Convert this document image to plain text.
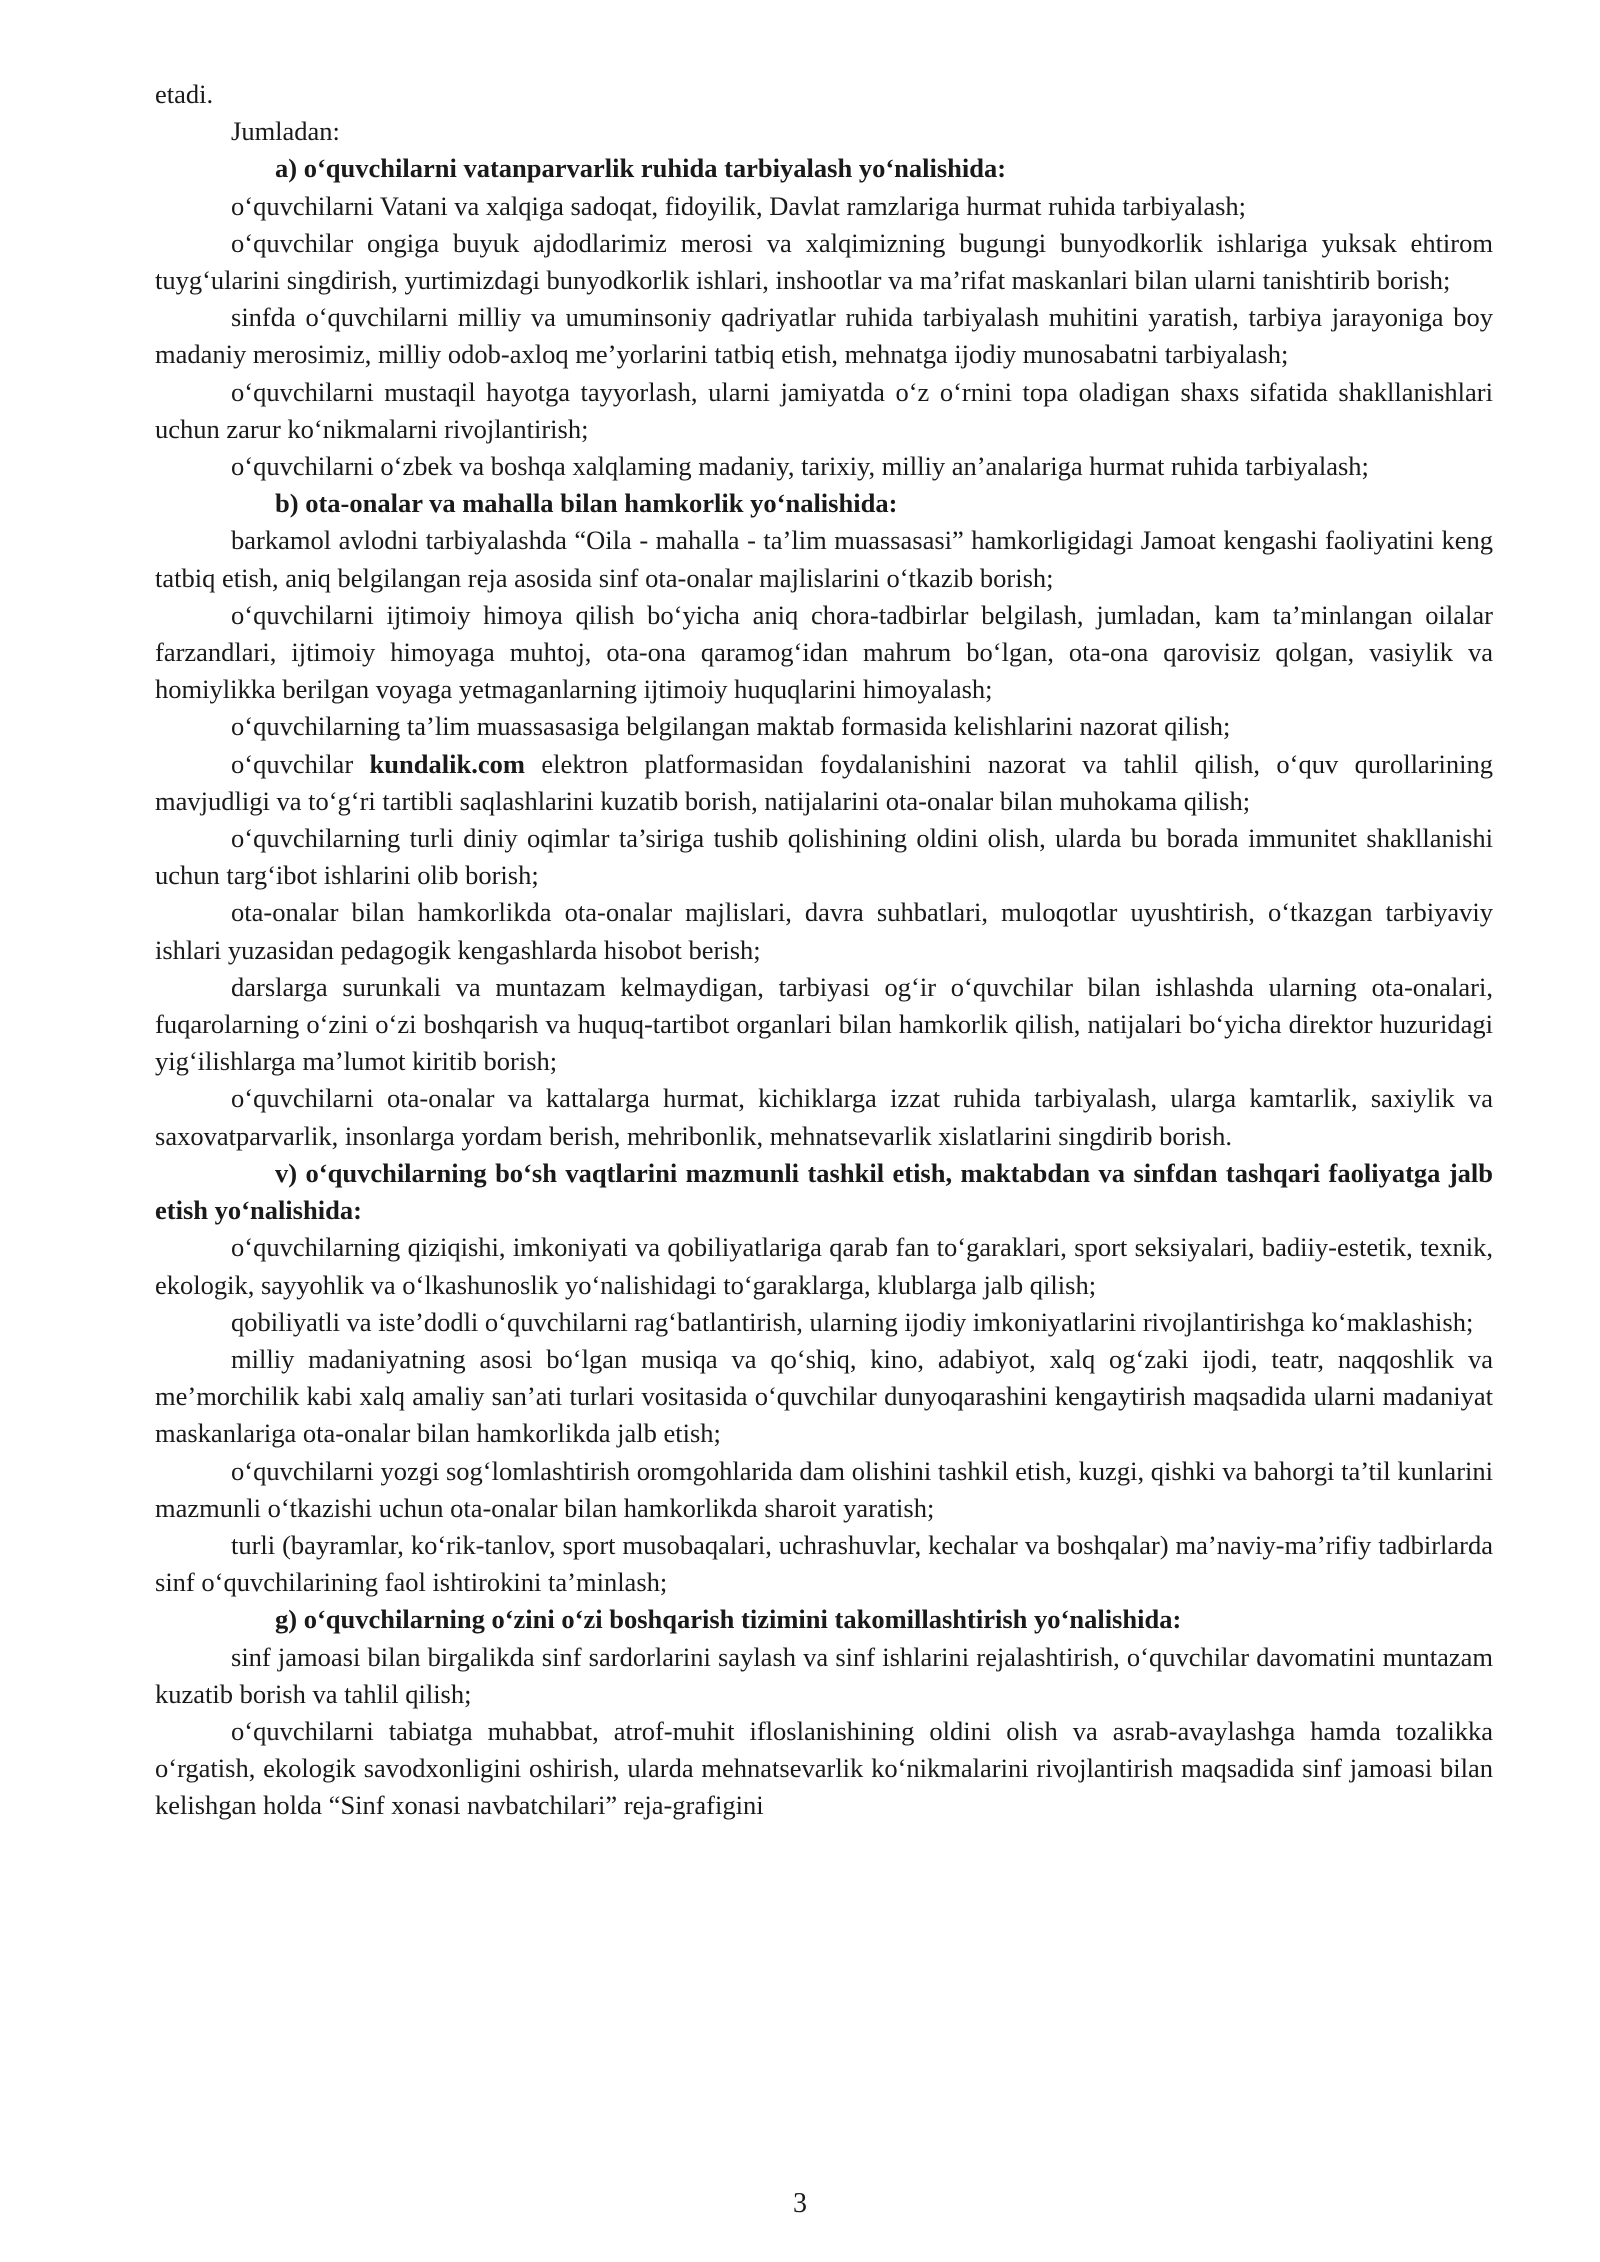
etadi.

Jumladan:

a) o‘quvchilarni vatanparvarlik ruhida tarbiyalash yo‘nalishida:

o‘quvchilarni Vatani va xalqiga sadoqat, fidoyilik, Davlat ramzlariga hurmat ruhida tarbiyalash;

o‘quvchilar ongiga buyuk ajdodlarimiz merosi va xalqimizning bugungi bunyodkorlik ishlariga yuksak ehtirom tuyg‘ularini singdirish, yurtimizdagi bunyodkorlik ishlari, inshootlar va ma’rifat maskanlari bilan ularni tanishtirib borish;

sinfda o‘quvchilarni milliy va umuminsoniy qadriyatlar ruhida tarbiyalash muhitini yaratish, tarbiya jarayoniga boy madaniy merosimiz, milliy odob-axloq me’yorlarini tatbiq etish, mehnatga ijodiy munosabatni tarbiyalash;

o‘quvchilarni mustaqil hayotga tayyorlash, ularni jamiyatda o‘z o‘rnini topa oladigan shaxs sifatida shakllanishlari uchun zarur ko‘nikmalarni rivojlantirish;

o‘quvchilarni o‘zbek va boshqa xalqlaming madaniy, tarixiy, milliy an’analariga hurmat ruhida tarbiyalash;

b) ota-onalar va mahalla bilan hamkorlik yo‘nalishida:

barkamol avlodni tarbiyalashda “Oila - mahalla - ta’lim muassasasi” hamkorligidagi Jamoat kengashi faoliyatini keng tatbiq etish, aniq belgilangan reja asosida sinf ota-onalar majlislarini o‘tkazib borish;

o‘quvchilarni ijtimoiy himoya qilish bo‘yicha aniq chora-tadbirlar belgilash, jumladan, kam ta’minlangan oilalar farzandlari, ijtimoiy himoyaga muhtoj, ota-ona qaramog‘idan mahrum bo‘lgan, ota-ona qarovisiz qolgan, vasiylik va homiylikka berilgan voyaga yetmaganlarning ijtimoiy huquqlarini himoyalash;

o‘quvchilarning ta’lim muassasasiga belgilangan maktab formasida kelishlarini nazorat qilish;

o‘quvchilar kundalik.com elektron platformasidan foydalanishini nazorat va tahlil qilish, o‘quv qurollarining mavjudligi va to‘g‘ri tartibli saqlashlarini kuzatib borish, natijalarini ota-onalar bilan muhokama qilish;

o‘quvchilarning turli diniy oqimlar ta’siriga tushib qolishining oldini olish, ularda bu borada immunitet shakllanishi uchun targ‘ibot ishlarini olib borish;

ota-onalar bilan hamkorlikda ota-onalar majlislari, davra suhbatlari, muloqotlar uyushtirish, o‘tkazgan tarbiyaviy ishlari yuzasidan pedagogik kengashlarda hisobot berish;

darslarga surunkali va muntazam kelmaydigan, tarbiyasi og‘ir o‘quvchilar bilan ishlashda ularning ota-onalari, fuqarolarning o‘zini o‘zi boshqarish va huquq-tartibot organlari bilan hamkorlik qilish, natijalari bo‘yicha direktor huzuridagi yig‘ilishlarga ma’lumot kiritib borish;

o‘quvchilarni ota-onalar va kattalarga hurmat, kichiklarga izzat ruhida tarbiyalash, ularga kamtarlik, saxiylik va saxovatparvarlik, insonlarga yordam berish, mehribonlik, mehnatsevarlik xislatlarini singdirib borish.

v) o‘quvchilarning bo‘sh vaqtlarini mazmunli tashkil etish, maktabdan va sinfdan tashqari faoliyatga jalb etish yo‘nalishida:

o‘quvchilarning qiziqishi, imkoniyati va qobiliyatlariga qarab fan to‘garaklari, sport seksiyalari, badiiy-estetik, texnik, ekologik, sayyohlik va o‘lkashunoslik yo‘nalishidagi to‘garaklarga, klublarga jalb qilish;

qobiliyatli va iste’dodli o‘quvchilarni rag‘batlantirish, ularning ijodiy imkoniyatlarini rivojlantirishga ko‘maklashish;

milliy madaniyatning asosi bo‘lgan musiqa va qo‘shiq, kino, adabiyot, xalq og‘zaki ijodi, teatr, naqqoshlik va me’morchilik kabi xalq amaliy san’ati turlari vositasida o‘quvchilar dunyoqarashini kengaytirish maqsadida ularni madaniyat maskanlariga ota-onalar bilan hamkorlikda jalb etish;

o‘quvchilarni yozgi sog‘lomlashtirish oromgohlarida dam olishini tashkil etish, kuzgi, qishki va bahorgi ta’til kunlarini mazmunli o‘tkazishi uchun ota-onalar bilan hamkorlikda sharoit yaratish;

turli (bayramlar, ko‘rik-tanlov, sport musobaqalari, uchrashuvlar, kechalar va boshqalar) ma’naviy-ma’rifiy tadbirlarda sinf o‘quvchilarining faol ishtirokini ta’minlash;

g) o‘quvchilarning o‘zini o‘zi boshqarish tizimini takomillashtirish yo‘nalishida:

sinf jamoasi bilan birgalikda sinf sardorlarini saylash va sinf ishlarini rejalashtirish, o‘quvchilar davomatini muntazam kuzatib borish va tahlil qilish;

o‘quvchilarni tabiatga muhabbat, atrof-muhit ifloslanishining oldini olish va asrab-avaylashga hamda tozalikka o‘rgatish, ekologik savodxonligini oshirish, ularda mehnatsevarlik ko‘nikmalarini rivojlantirish maqsadida sinf jamoasi bilan kelishgan holda “Sinf xonasi navbatchilari” reja-grafigini

3
